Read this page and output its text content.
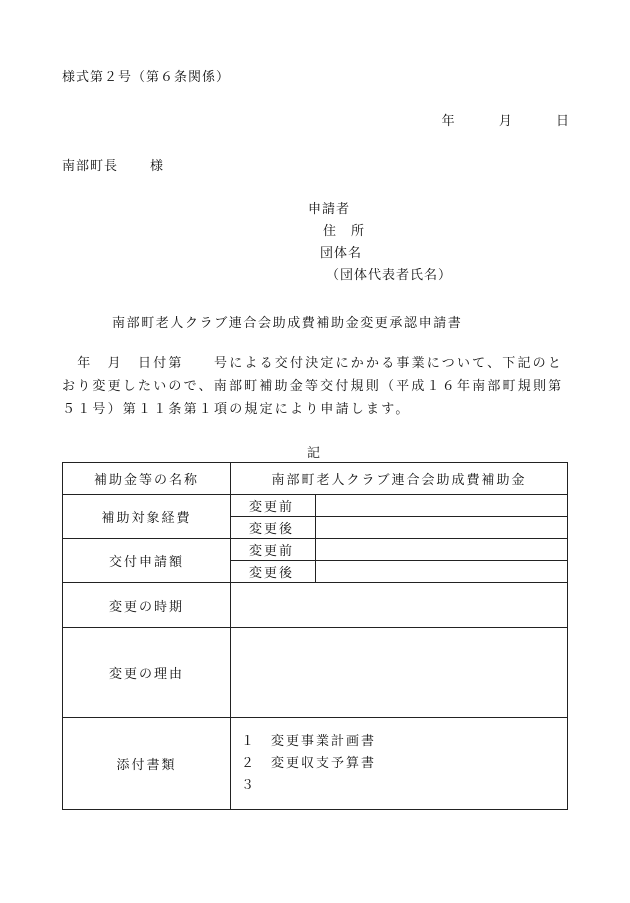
様式第２号（第６条関係）
年	月	日
南部町長 様
申請者
住　所
団体名
（団体代表者氏名）
南部町老人クラブ連合会助成費補助金変更承認申請書
　年　月　日付第　　号による交付決定にかかる事業について、下記のとおり変更したいので、南部町補助金等交付規則（平成１６年南部町規則第５１号）第１１条第１項の規定により申請します。
記
補助金等の名称	南部町老人クラブ連合会助成費補助金	
補助対象経費	変更前	
	変更後	
交付申請額	変更前	
	変更後	
変更の時期		
変更の理由		
添付書類	１　変更事業計画書
２　変更収支予算書
３	
